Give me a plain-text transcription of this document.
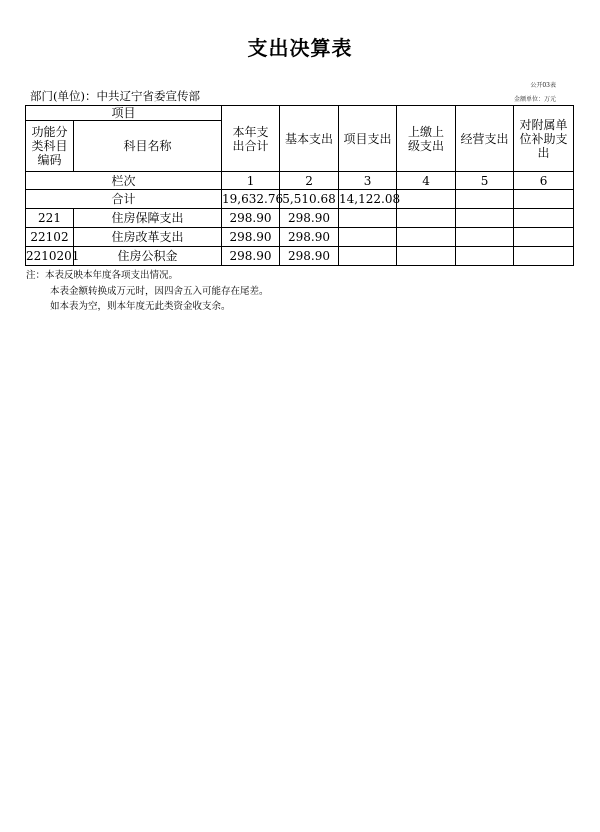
支出决算表
公开03表
部门(单位)：中共辽宁省委宣传部	金额单位：万元
项目		本年支出合计	基本支出	项目支出	上缴上级支出	经营支出	对附属单位补助支出
功能分类科目编码	科目名称						
栏次		1	2	3	4	5	6
合计		19,632.76	5,510.68	14,122.08			
221	住房保障支出	298.90	298.90				
22102	住房改革支出	298.90	298.90				
2210201	住房公积金	298.90	298.90				
注：本表反映本年度各项支出情况。
本表金额转换成万元时，因四舍五入可能存在尾差。
如本表为空，则本年度无此类资金收支余。
